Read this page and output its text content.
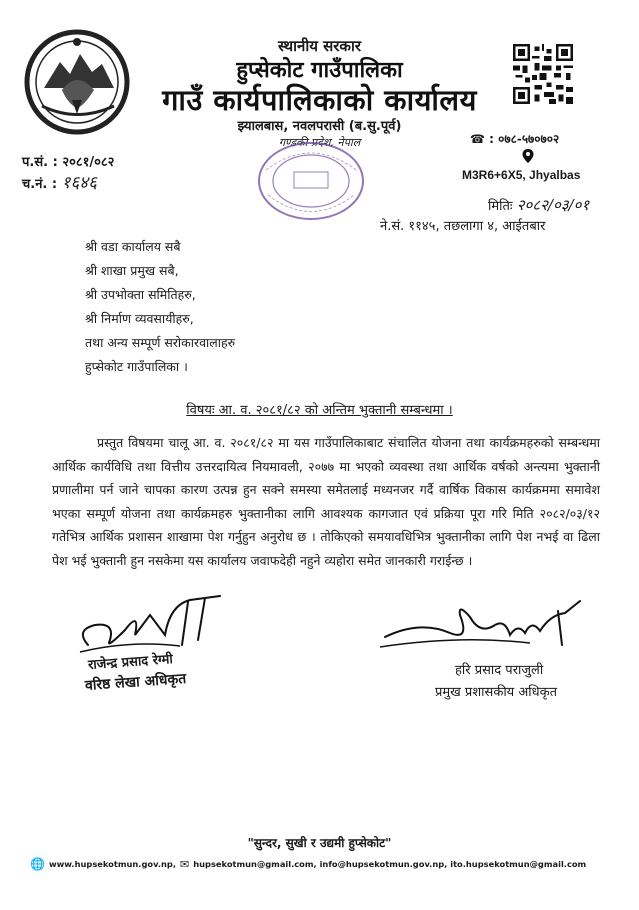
स्थानीय सरकार
हुप्सेकोट गाउँपालिका
गाउँ कार्यपालिकाको कार्यालय
झ्यालबास, नवलपरासी (ब.सु.पूर्व)
गण्डकी प्रदेश, नेपाल
प.सं. : २०८१/०८२
च.नं. : १६४६
☎ : ०७८-५७०७०२
M3R6+6X5, Jhyalbas
मितिः २०८२/०३/०१
ने.सं. ११४५, तछलागा ४, आईतबार
श्री वडा कार्यालय सबै
श्री शाखा प्रमुख सबै,
श्री उपभोक्ता समितिहरु,
श्री निर्माण व्यवसायीहरु,
तथा अन्य सम्पूर्ण सरोकारवालाहरु
हुप्सेकोट गाउँपालिका ।
विषयः आ. व. २०८१/८२ को अन्तिम भुक्तानी सम्बन्धमा ।
प्रस्तुत विषयमा चालू आ. व. २०८१/८२ मा यस गाउँपालिकाबाट संचालित योजना तथा कार्यक्रमहरुको सम्बन्धमा आर्थिक कार्यविधि तथा वित्तीय उत्तरदायित्व नियमावली, २०७७ मा भएको व्यवस्था तथा आर्थिक वर्षको अन्त्यमा भुक्तानी प्रणालीमा पर्न जाने चापका कारण उत्पन्न हुन सक्ने समस्या समेतलाई मध्यनजर गर्दै वार्षिक विकास कार्यक्रममा समावेश भएका सम्पूर्ण योजना तथा कार्यक्रमहरु भुक्तानीका लागि आवश्यक कागजात एवं प्रक्रिया पूरा गरि मिति २०८२/०३/१२ गतेभित्र आर्थिक प्रशासन शाखामा पेश गर्नुहुन अनुरोध छ । तोकिएको समयावधिभित्र भुक्तानीका लागि पेश नभई वा ढिला पेश भई भुक्तानी हुन नसकेमा यस कार्यालय जवाफदेही नहुने व्यहोरा समेत जानकारी गराईन्छ ।
राजेन्द्र प्रसाद रेग्मी
वरिष्ठ लेखा अधिकृत
हरि प्रसाद पराजुली
प्रमुख प्रशासकीय अधिकृत
"सुन्दर, सुखी र उद्यमी हुप्सेकोट"
🌐 www.hupsekotmun.gov.np, ✉ hupsekotmun@gmail.com, info@hupsekotmun.gov.np, ito.hupsekotmun@gmail.com
